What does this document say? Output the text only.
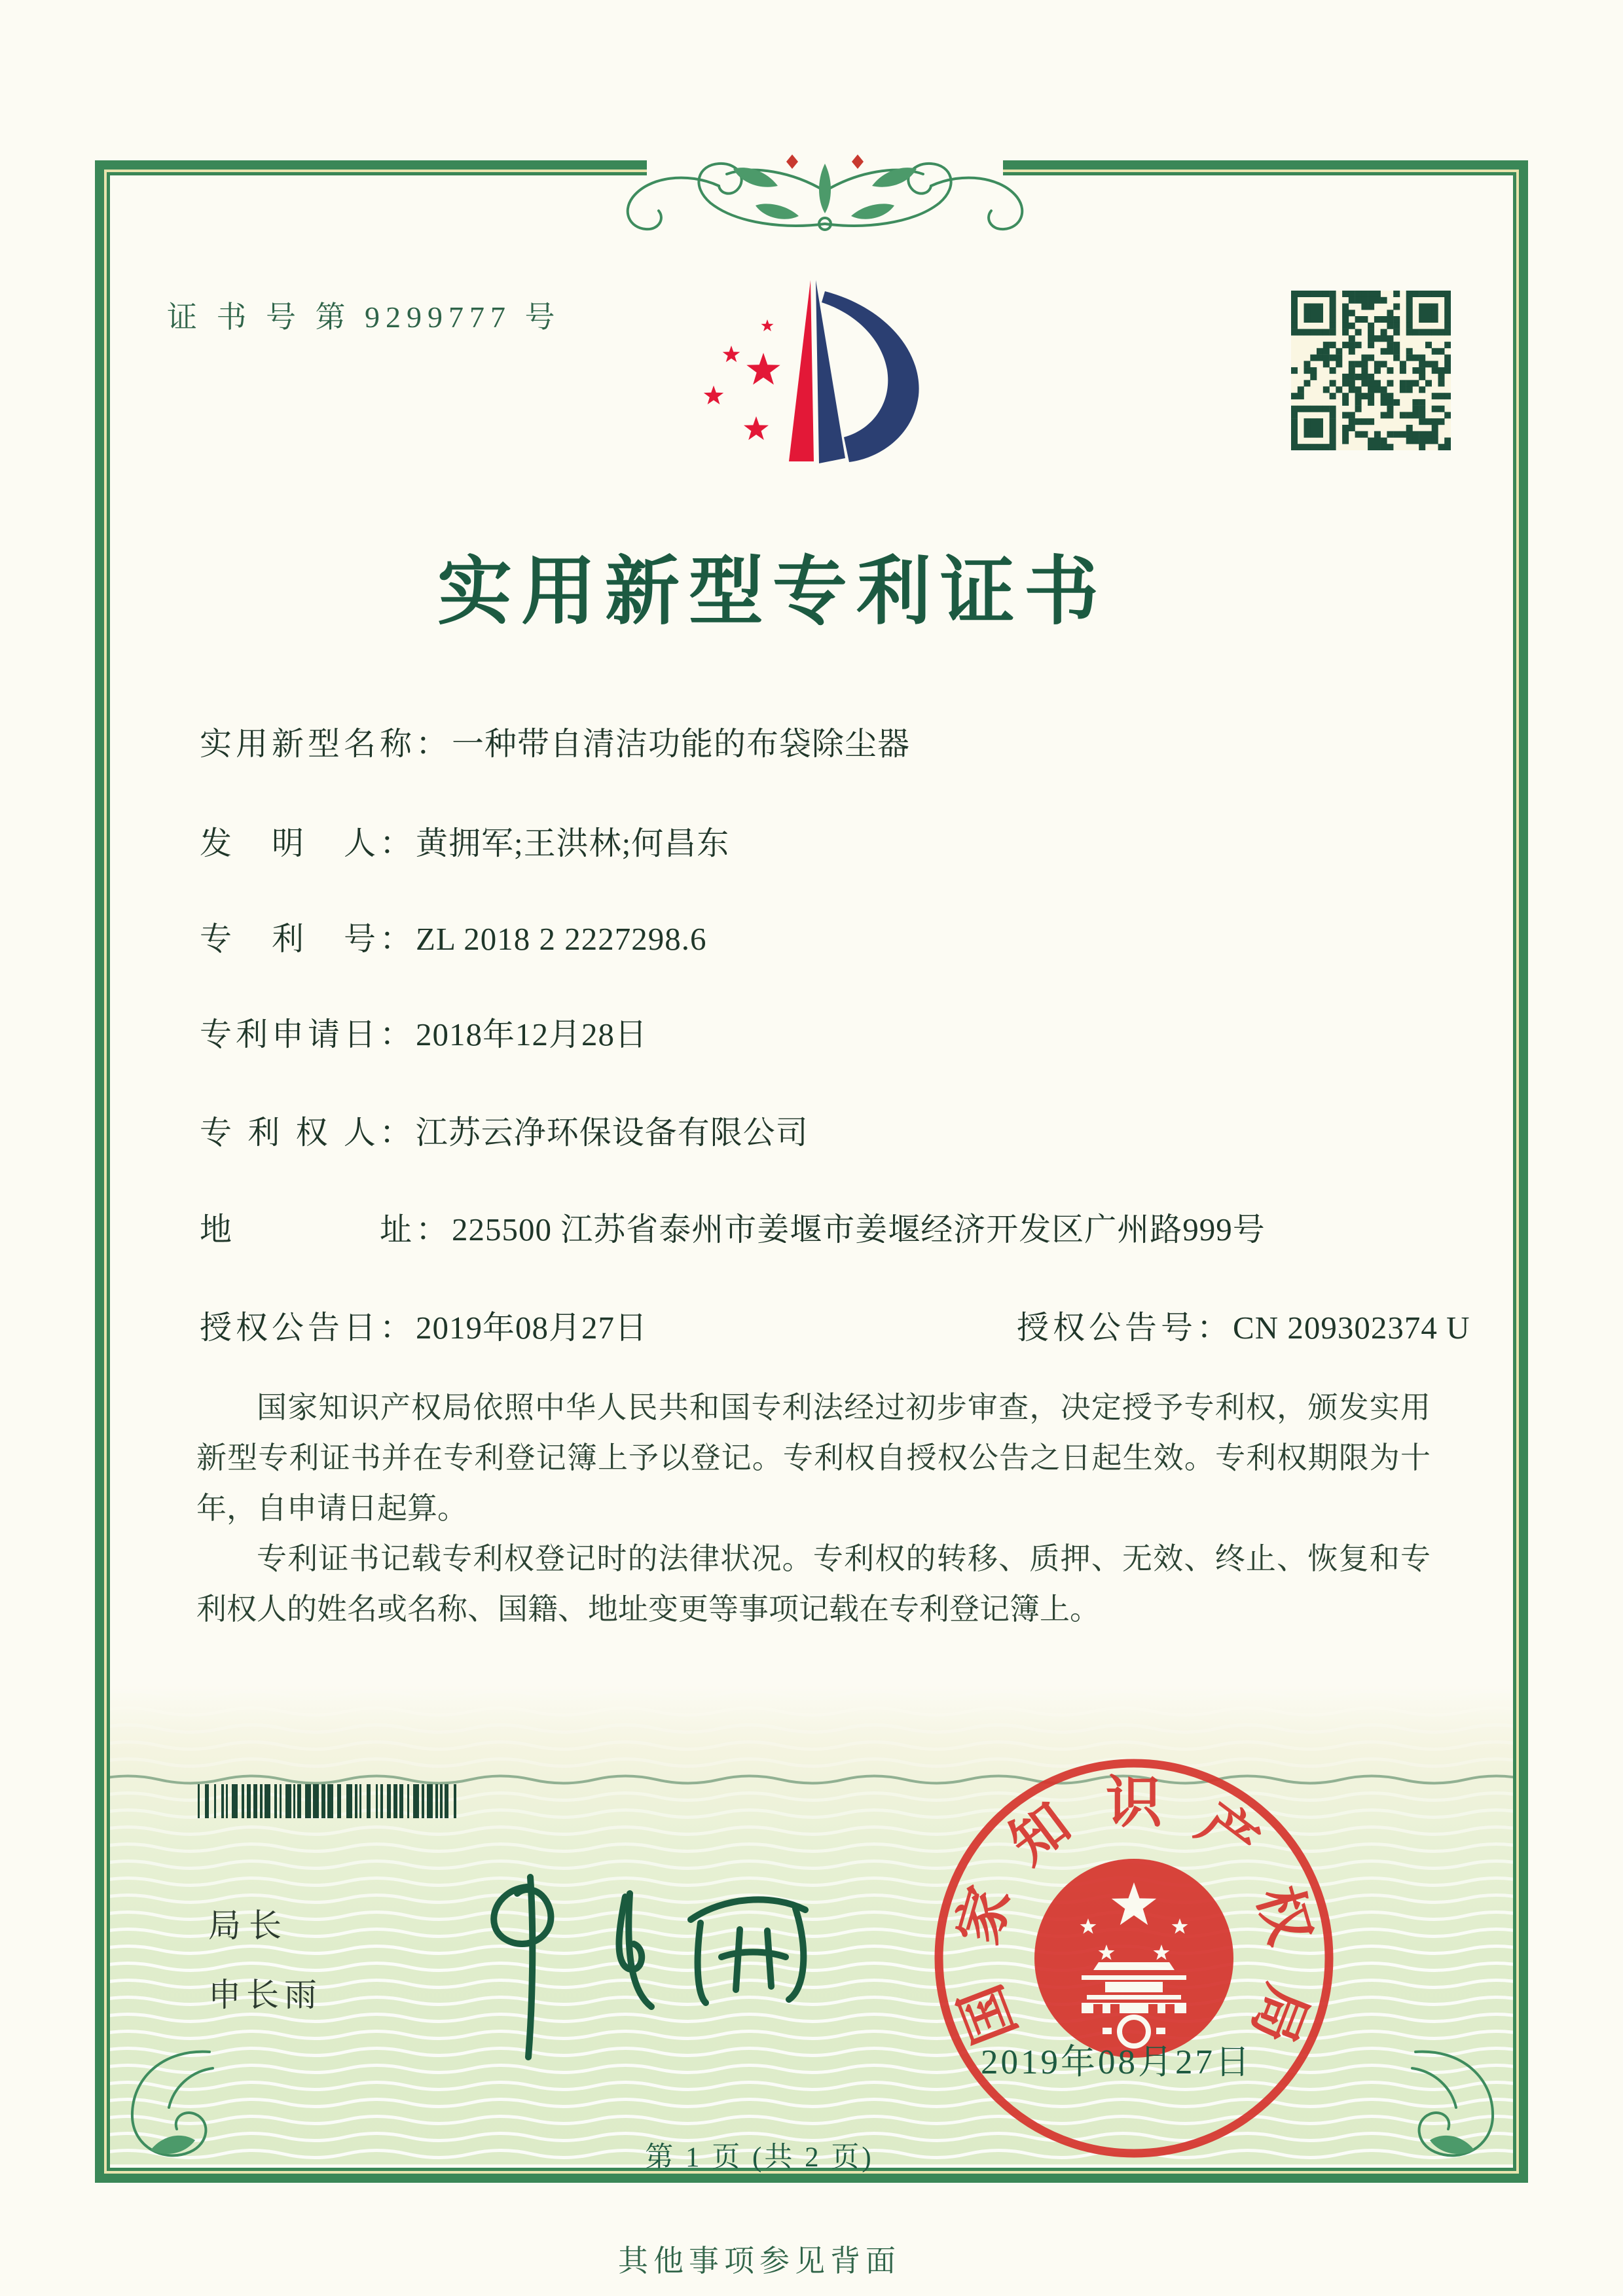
证 书 号 第 9299777 号
实用新型专利证书
实用新型名称：一种带自清洁功能的布袋除尘器
发　明　人：黄拥军;王洪林;何昌东
专　利　号：ZL 2018 2 2227298.6
专利申请日：2018年12月28日
专 利 权 人：江苏云净环保设备有限公司
地　　　　址：225500 江苏省泰州市姜堰市姜堰经济开发区广州路999号
授权公告日：2019年08月27日	授权公告号：CN 209302374 U

国家知识产权局依照中华人民共和国专利法经过初步审查，决定授予专利权，颁发实用新型专利证书并在专利登记簿上予以登记。专利权自授权公告之日起生效。专利权期限为十年，自申请日起算。

专利证书记载专利权登记时的法律状况。专利权的转移、质押、无效、终止、恢复和专利权人的姓名或名称、国籍、地址变更等事项记载在专利登记簿上。

局长
申长雨	国
家
知 识 产
权
局
2019年08月27日
第 1 页 (共 2 页)
其他事项参见背面
